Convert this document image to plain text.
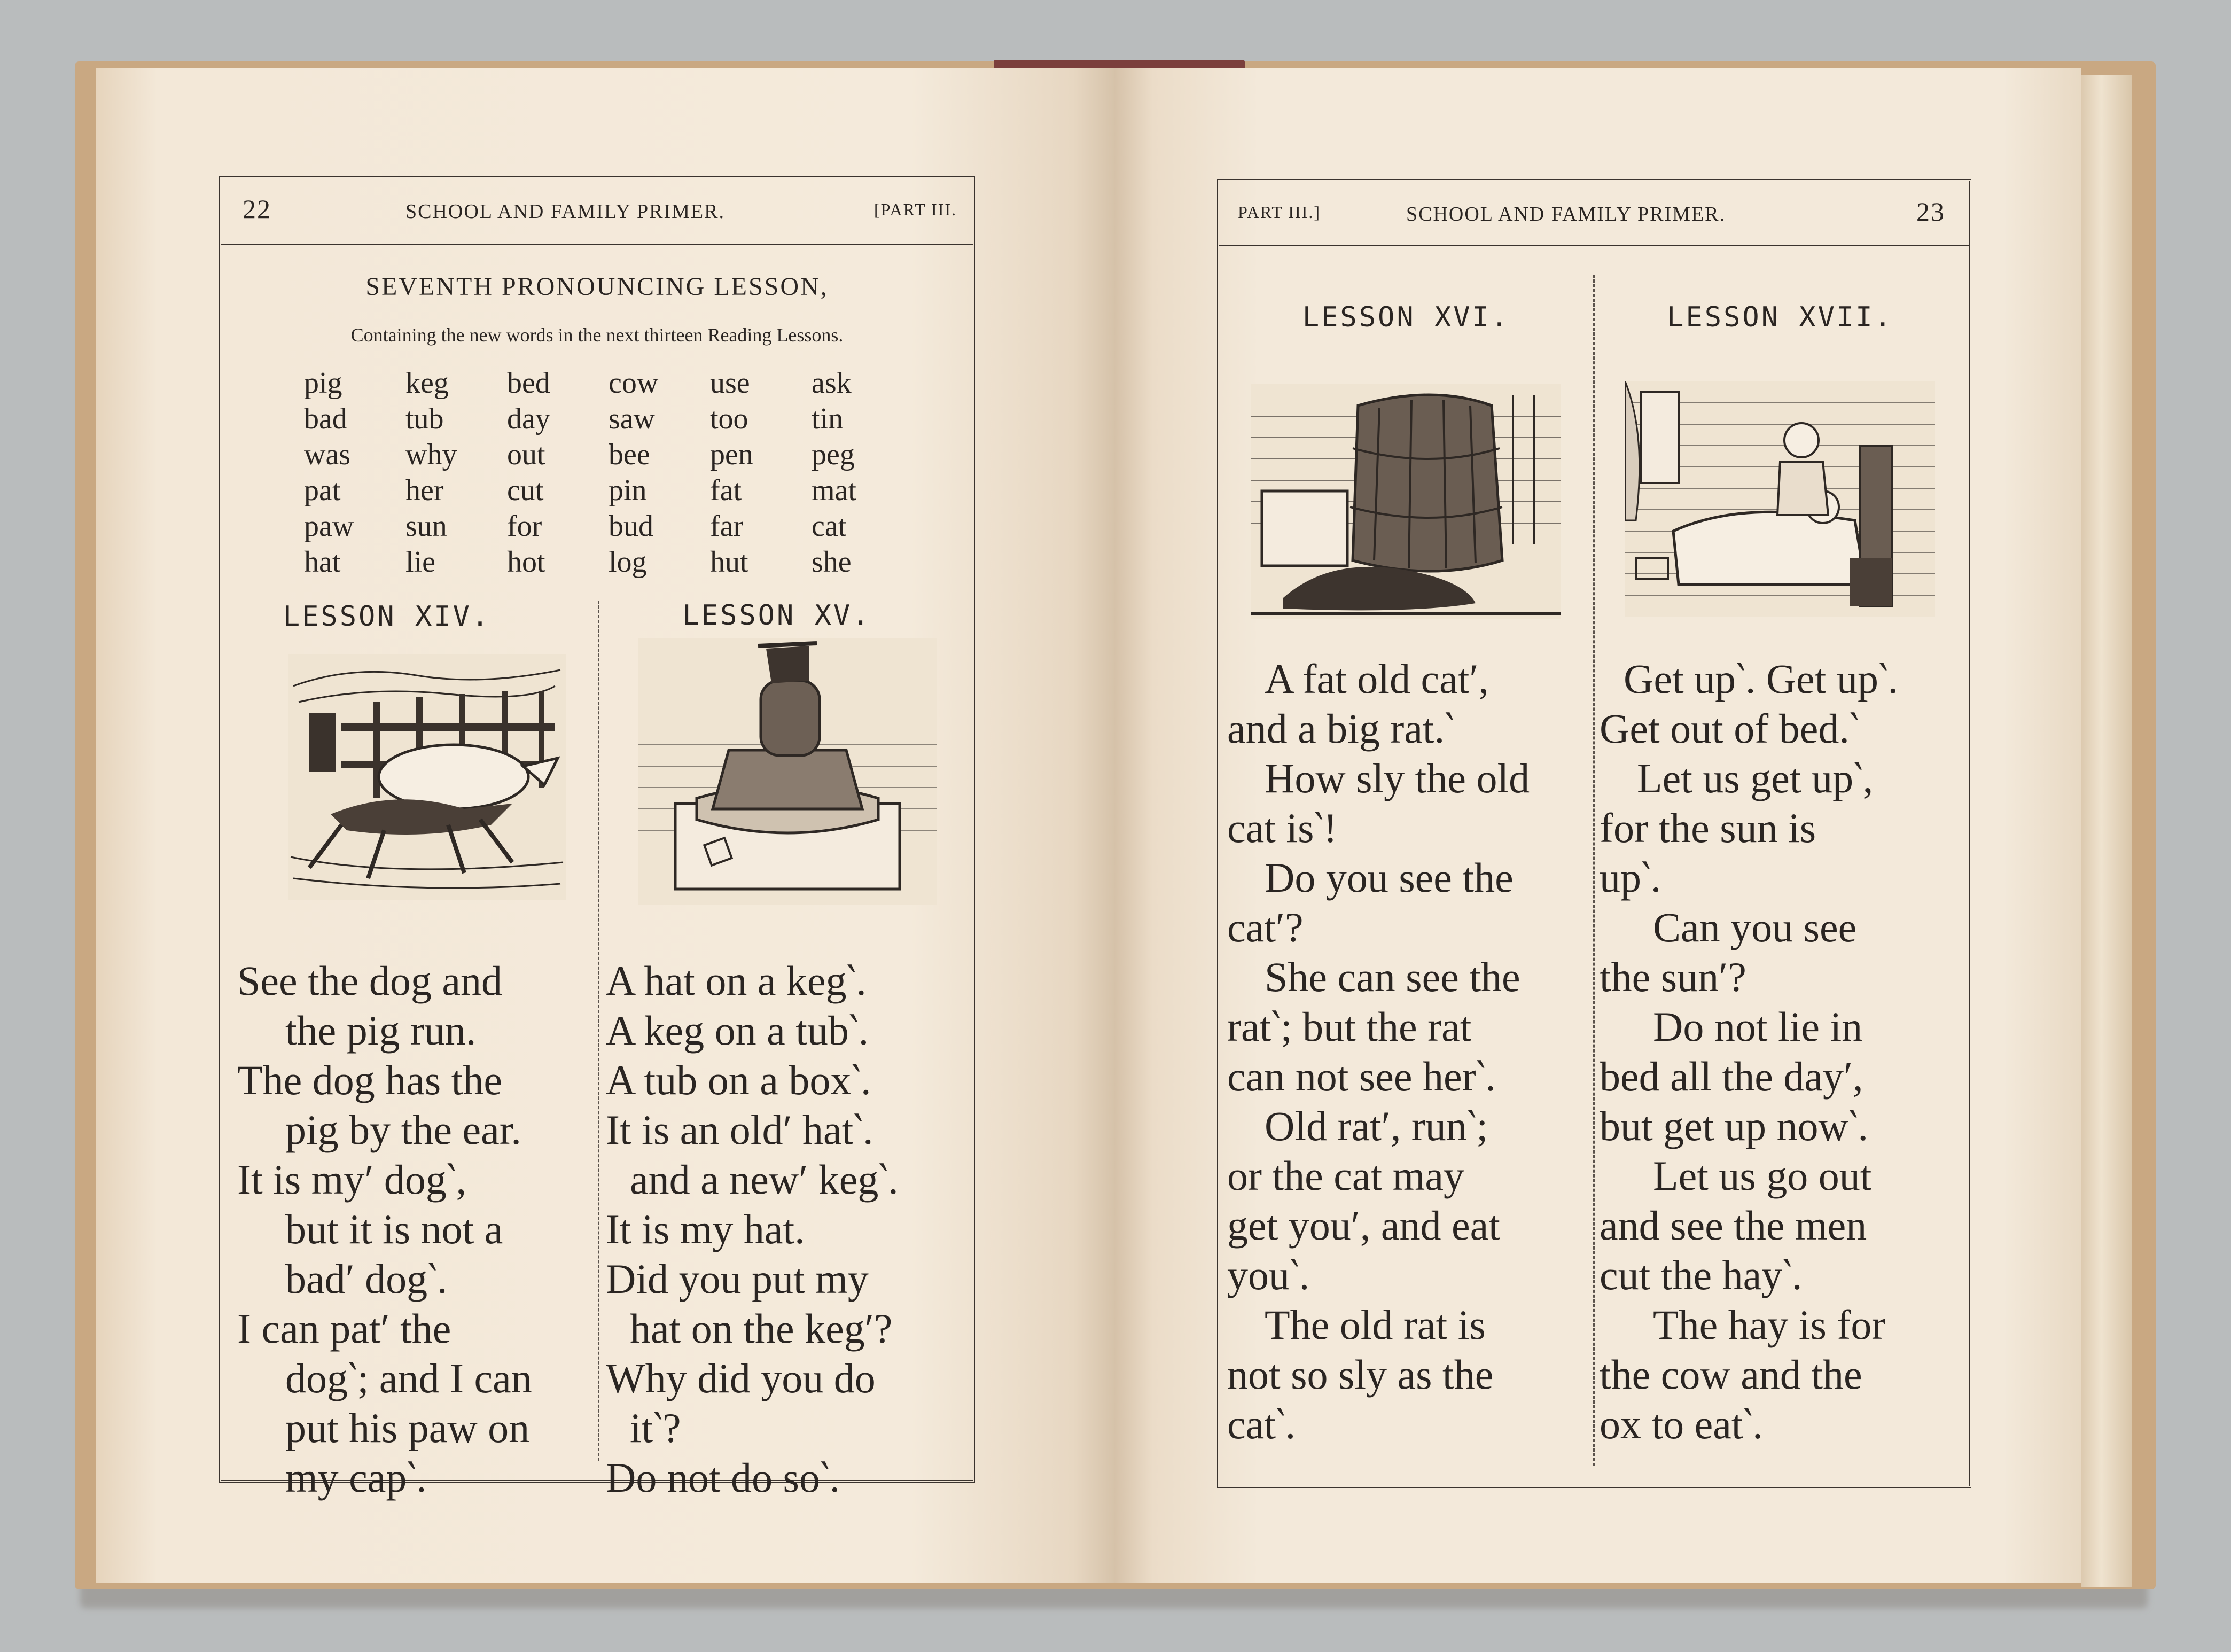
22	SCHOOL AND FAMILY PRIMER.	[PART III.
SEVENTH PRONOUNCING LESSON,
Containing the new words in the next thirteen Reading Lessons.
pig	keg	bed	cow	use	ask
bad	tub	day	saw	too	tin
was	why	out	bee	pen	peg
pat	her	cut	pin	fat	mat
paw	sun	for	bud	far	cat
hat	lie	hot	log	hut	she
LESSON XIV.	LESSON XV.
See the dog and
the pig run.
The dog has the
pig by the ear.
It is my′ dog‵,
but it is not a
bad′ dog‵.
I can pat′ the
dog‵; and I can
put his paw on
my cap‵.
A hat on a keg‵.
A keg on a tub‵.
A tub on a box‵.
It is an old′ hat‵.
and a new′ keg‵.
It is my hat.
Did you put my
hat on the keg′?
Why did you do
it‵?
Do not do so‵.
PART III.]	SCHOOL AND FAMILY PRIMER.	23
LESSON XVI.	LESSON XVII.
A fat old cat′,
and a big rat.‵
How sly the old
cat is‵!
Do you see the
cat′?
She can see the
rat‵; but the rat
can not see her‵.
Old rat′, run‵;
or the cat may
get you′, and eat
you‵.
The old rat is
not so sly as the
cat‵.
Get up‵. Get up‵.
Get out of bed.‵
Let us get up‵,
for the sun is
up‵.
Can you see
the sun′?
Do not lie in
bed all the day′,
but get up now‵.
Let us go out
and see the men
cut the hay‵.
The hay is for
the cow and the
ox to eat‵.
